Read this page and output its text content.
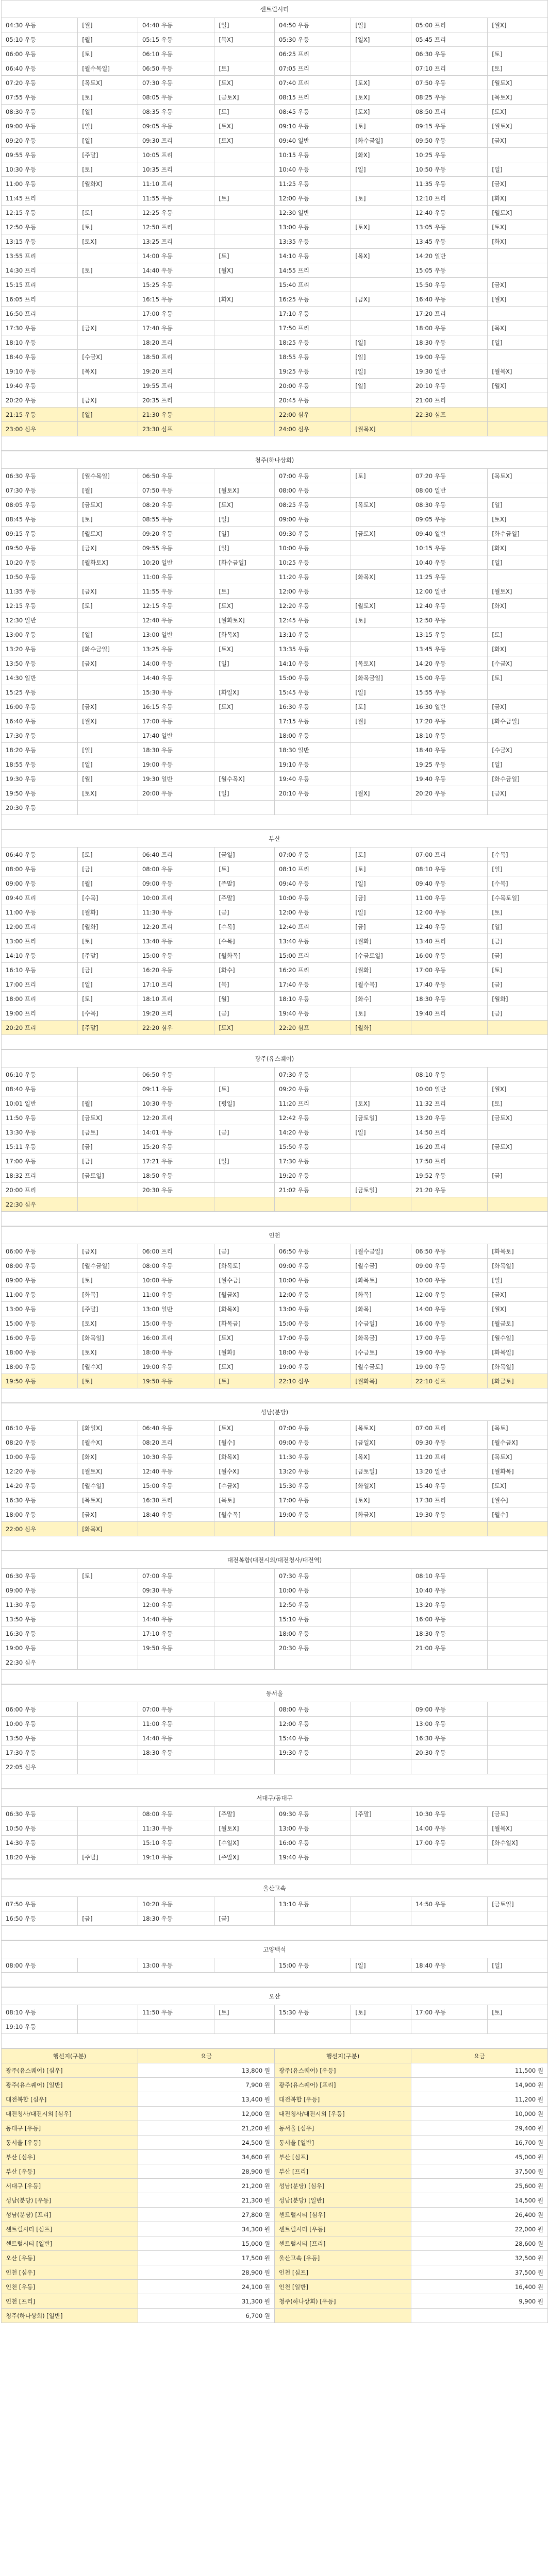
센트럴시티							
04:30 우등	[월]	04:40 우등	[일]	04:50 우등	[일]	05:00 프리	[월X]
05:10 우등	[월]	05:15 우등	[목X]	05:30 우등	[일X]	05:45 프리	
06:00 우등	[토]	06:10 우등		06:25 프리		06:30 우등	[토]
06:40 우등	[월수목일]	06:50 우등	[토]	07:05 프리		07:10 프리	[토]
07:20 우등	[목토X]	07:30 우등	[토X]	07:40 프리	[토X]	07:50 우등	[월토X]
07:55 우등	[토]	08:05 우등	[금토X]	08:15 프리	[토X]	08:25 우등	[목토X]
08:30 우등	[일]	08:35 우등	[토]	08:45 우등	[토X]	08:50 프리	[토X]
09:00 우등	[일]	09:05 우등	[토X]	09:10 우등	[토]	09:15 우등	[월토X]
09:20 우등	[일]	09:30 프리	[토X]	09:40 일반	[화수금일]	09:50 우등	[금X]
09:55 우등	[주말]	10:05 프리		10:15 우등	[화X]	10:25 우등	
10:30 우등	[토]	10:35 프리		10:40 우등	[일]	10:50 우등	[일]
11:00 우등	[월화X]	11:10 프리		11:25 우등		11:35 우등	[금X]
11:45 프리		11:55 우등	[토]	12:00 우등	[토]	12:10 프리	[화X]
12:15 우등	[토]	12:25 우등		12:30 일반		12:40 우등	[월토X]
12:50 우등	[토]	12:50 프리		13:00 우등	[토X]	13:05 우등	[토X]
13:15 우등	[토X]	13:25 프리		13:35 우등		13:45 우등	[화X]
13:55 프리		14:00 우등	[토]	14:10 우등	[목X]	14:20 일반	
14:30 프리	[토]	14:40 우등	[월X]	14:55 프리		15:05 우등	
15:15 프리		15:25 우등		15:40 프리		15:50 우등	[금X]
16:05 프리		16:15 우등	[화X]	16:25 우등	[금X]	16:40 우등	[월X]
16:50 프리		17:00 우등		17:10 우등		17:20 프리	
17:30 우등	[금X]	17:40 우등		17:50 프리		18:00 우등	[목X]
18:10 우등		18:20 프리		18:25 우등	[일]	18:30 우등	[일]
18:40 우등	[수금X]	18:50 프리		18:55 우등	[일]	19:00 우등	
19:10 우등	[목X]	19:20 프리		19:25 우등	[일]	19:30 일반	[월목X]
19:40 우등		19:55 프리		20:00 우등	[일]	20:10 우등	[월X]
20:20 우등	[금X]	20:35 프리		20:45 우등		21:00 프리	
21:15 우등	[일]	21:30 우등		22:00 심우		22:30 심프	
23:00 심우		23:30 심프		24:00 심우	[월목X]		

청주(하나상회)							
06:30 우등	[월수목일]	06:50 우등		07:00 우등	[토]	07:20 우등	[목토X]
07:30 우등	[월]	07:50 우등	[월토X]	08:00 우등		08:00 일반	
08:05 우등	[금토X]	08:20 우등	[토X]	08:25 우등	[목토X]	08:30 우등	[일]
08:45 우등	[토]	08:55 우등	[일]	09:00 우등		09:05 우등	[토X]
09:15 우등	[월토X]	09:20 우등	[일]	09:30 우등	[금토X]	09:40 일반	[화수금일]
09:50 우등	[금X]	09:55 우등	[일]	10:00 우등		10:15 우등	[화X]
10:20 우등	[월화토X]	10:20 일반	[화수금일]	10:25 우등		10:40 우등	[일]
10:50 우등		11:00 우등		11:20 우등	[화목X]	11:25 우등	
11:35 우등	[금X]	11:55 우등	[토]	12:00 우등		12:00 일반	[월토X]
12:15 우등	[토]	12:15 우등	[토X]	12:20 우등	[월토X]	12:40 우등	[화X]
12:30 일반		12:40 우등	[월화토X]	12:45 우등	[토]	12:50 우등	
13:00 우등	[일]	13:00 일반	[화목X]	13:10 우등		13:15 우등	[토]
13:20 우등	[화수금일]	13:25 우등	[토X]	13:35 우등		13:45 우등	[화X]
13:50 우등	[금X]	14:00 우등	[일]	14:10 우등	[목토X]	14:20 우등	[수금X]
14:30 일반		14:40 우등		15:00 우등	[화목금일]	15:00 우등	[토]
15:25 우등		15:30 우등	[화일X]	15:45 우등	[일]	15:55 우등	
16:00 우등	[금X]	16:15 우등	[토X]	16:30 우등	[토]	16:30 일반	[금X]
16:40 우등	[월X]	17:00 우등		17:15 우등	[월]	17:20 우등	[화수금일]
17:30 우등		17:40 일반		18:00 우등		18:10 우등	
18:20 우등	[일]	18:30 우등		18:30 일반		18:40 우등	[수금X]
18:55 우등	[일]	19:00 우등		19:10 우등		19:25 우등	[일]
19:30 우등	[월]	19:30 일반	[월수목X]	19:40 우등		19:40 우등	[화수금일]
19:50 우등	[토X]	20:00 우등	[일]	20:10 우등	[월X]	20:20 우등	[금X]
20:30 우등							

부산							
06:40 우등	[토]	06:40 프리	[금일]	07:00 우등	[토]	07:00 프리	[수목]
08:00 우등	[금]	08:00 우등	[토]	08:10 프리	[토]	08:10 우등	[일]
09:00 우등	[월]	09:00 우등	[주말]	09:40 우등	[일]	09:40 우등	[수목]
09:40 프리	[수목]	10:00 프리	[주말]	10:00 우등	[금]	11:00 우등	[수목토일]
11:00 우등	[월화]	11:30 우등	[금]	12:00 우등	[일]	12:00 우등	[토]
12:00 프리	[월화]	12:20 프리	[수목]	12:40 프리	[금]	12:40 우등	[일]
13:00 프리	[토]	13:40 우등	[수목]	13:40 우등	[월화]	13:40 프리	[금]
14:10 우등	[주말]	15:00 우등	[월화목]	15:00 프리	[수금토일]	16:00 우등	[금]
16:10 우등	[금]	16:20 우등	[화수]	16:20 프리	[월화]	17:00 우등	[토]
17:00 프리	[일]	17:10 프리	[목]	17:40 우등	[월수목]	17:40 우등	[금]
18:00 프리	[토]	18:10 프리	[월]	18:10 우등	[화수]	18:30 우등	[월화]
19:00 프리	[수목]	19:20 프리	[금]	19:40 우등	[토]	19:40 프리	[금]
20:20 프리	[주말]	22:20 심우	[토X]	22:20 심프	[월화]		

광주(유스퀘어)							
06:10 우등		06:50 우등		07:30 우등		08:10 우등	
08:40 우등		09:11 우등	[토]	09:20 우등		10:00 일반	[월X]
10:01 일반	[월]	10:30 우등	[평일]	11:20 프리	[토X]	11:32 프리	[토]
11:50 우등	[금토X]	12:20 프리		12:42 우등	[금토일]	13:20 우등	[금토X]
13:30 우등	[금토]	14:01 우등	[금]	14:20 우등	[일]	14:50 프리	
15:11 우등	[금]	15:20 우등		15:50 우등		16:20 프리	[금토X]
17:00 우등	[금]	17:21 우등	[일]	17:30 우등		17:50 프리	
18:32 프리	[금토일]	18:50 우등		19:20 우등		19:52 우등	[금]
20:00 프리		20:30 우등		21:02 우등	[금토일]	21:20 우등	
22:30 심우							

인천							
06:00 우등	[금X]	06:00 프리	[금]	06:50 우등	[월수금일]	06:50 우등	[화목토]
08:00 우등	[월수금일]	08:00 우등	[화목토]	09:00 우등	[월수금]	09:00 우등	[화목일]
09:00 우등	[토]	10:00 우등	[월수금]	10:00 우등	[화목토]	10:00 우등	[일]
11:00 우등	[화목]	11:00 우등	[월금X]	12:00 우등	[화목]	12:00 우등	[금X]
13:00 우등	[주말]	13:00 일반	[화목X]	13:00 우등	[화목]	14:00 우등	[월X]
15:00 우등	[토X]	15:00 우등	[화목금]	15:00 우등	[수금일]	16:00 우등	[월금토]
16:00 우등	[화목일]	16:00 프리	[토X]	17:00 우등	[화목금]	17:00 우등	[월수일]
18:00 우등	[토X]	18:00 우등	[월화]	18:00 우등	[수금토]	19:00 우등	[화목일]
18:00 우등	[월수X]	19:00 우등	[토X]	19:00 우등	[월수금토]	19:00 우등	[화목일]
19:50 우등	[토]	19:50 우등	[토]	22:10 심우	[월화목]	22:10 심프	[화금토]

성남(분당)							
06:10 우등	[화일X]	06:40 우등	[토X]	07:00 우등	[목토X]	07:00 프리	[목토]
08:20 우등	[월수X]	08:20 프리	[월수]	09:00 우등	[금일X]	09:30 우등	[월수금X]
10:00 우등	[화X]	10:30 우등	[화목X]	11:30 우등	[목X]	11:20 프리	[목토X]
12:20 우등	[월토X]	12:40 우등	[월수X]	13:20 우등	[금토일]	13:20 일반	[월화목]
14:20 우등	[월수일]	15:00 우등	[수금X]	15:30 우등	[화일X]	15:40 우등	[토X]
16:30 우등	[목토X]	16:30 프리	[목토]	17:00 우등	[토X]	17:30 프리	[월수]
18:00 우등	[금X]	18:40 우등	[월수목]	19:00 우등	[화금X]	19:30 우등	[월수]
22:00 심우	[화목X]						

대전복합(대전시외/대전청사/대전역)							
06:30 우등	[토]	07:00 우등		07:30 우등		08:10 우등	
09:00 우등		09:30 우등		10:00 우등		10:40 우등	
11:30 우등		12:00 우등		12:50 우등		13:20 우등	
13:50 우등		14:40 우등		15:10 우등		16:00 우등	
16:30 우등		17:10 우등		18:00 우등		18:30 우등	
19:00 우등		19:50 우등		20:30 우등		21:00 우등	
22:30 심우							

동서울							
06:00 우등		07:00 우등		08:00 우등		09:00 우등	
10:00 우등		11:00 우등		12:00 우등		13:00 우등	
13:50 우등		14:40 우등		15:40 우등		16:30 우등	
17:30 우등		18:30 우등		19:30 우등		20:30 우등	
22:05 심우							

서대구/동대구							
06:30 우등		08:00 우등	[주말]	09:30 우등	[주말]	10:30 우등	[금토]
10:50 우등		11:30 우등	[월토X]	13:00 우등		14:00 우등	[월목X]
14:30 우등		15:10 우등	[수일X]	16:00 우등		17:00 우등	[화수일X]
18:20 우등	[주말]	19:10 우등	[주말X]	19:40 우등			

울산고속							
07:50 우등		10:20 우등		13:10 우등		14:50 우등	[금토일]
16:50 우등	[금]	18:30 우등	[금]				

고양백석
08:00 우등		13:00 우등		15:00 우등	[일]	18:40 우등	[일]

오산							
08:10 우등		11:50 우등	[토]	15:30 우등	[토]	17:00 우등	[토]
19:10 우등							

행선지(구분)	요금	행선지(구분)	요금
광주(유스퀘어) [심우]	13,800 원	광주(유스퀘어) [우등]	11,500 원
광주(유스퀘어) [일반]	7,900 원	광주(유스퀘어) [프리]	14,900 원
대전복합 [심우]	13,400 원	대전복합 [우등]	11,200 원
대전청사/대전시외 [심우]	12,000 원	대전청사/대전시외 [우등]	10,000 원
동대구 [우등]	21,200 원	동서울 [심우]	29,400 원
동서울 [우등]	24,500 원	동서울 [일반]	16,700 원
부산 [심우]	34,600 원	부산 [심프]	45,000 원
부산 [우등]	28,900 원	부산 [프리]	37,500 원
서대구 [우등]	21,200 원	성남(분당) [심우]	25,600 원
성남(분당) [우등]	21,300 원	성남(분당) [일반]	14,500 원
성남(분당) [프리]	27,800 원	센트럴시티 [심우]	26,400 원
센트럴시티 [심프]	34,300 원	센트럴시티 [우등]	22,000 원
센트럴시티 [일반]	15,000 원	센트럴시티 [프리]	28,600 원
오산 [우등]	17,500 원	울산고속 [우등]	32,500 원
인천 [심우]	28,900 원	인천 [심프]	37,500 원
인천 [우등]	24,100 원	인천 [일반]	16,400 원
인천 [프리]	31,300 원	청주(하나상회) [우등]	9,900 원
청주(하나상회) [일반]	6,700 원		
